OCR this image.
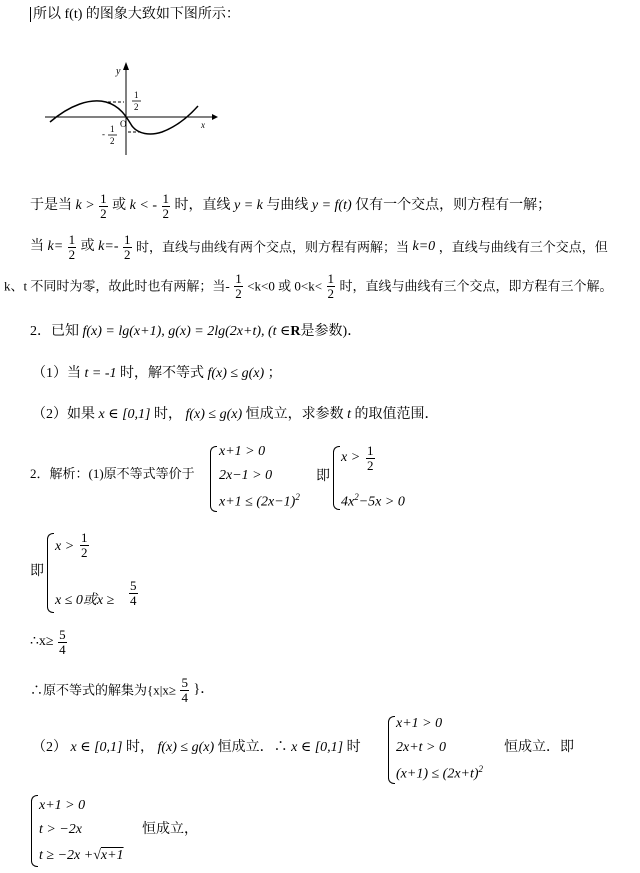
所以 f(t) 的图象大致如下图所示：
y
x
O
1
2
- 1
2
于是当 $k > \frac{1}{2}$ 或 k < - $\frac{1}{2}$ 时，直线 y = k 与曲线 y = f(t) 仅有一个交点，则方程有一解；
当 $k= \frac{1}{2}$ 或 $k=- \frac{1}{2}$ 时，直线与曲线有两个交点，则方程有两解；当 k=0 ，直线与曲线有三个交点，但
k、t 不同时为零，故此时也有两解；当- $\frac{1}{2} <k<0$ 或 $0<k< \frac{1}{2}$ 时，直线与曲线有三个交点，即方程有三个解。
2．已知 f(x) = lg(x+1), g(x) = 2lg(2x+t), (t ∈R是参数)．
（1）当 t = -1 时，解不等式 f(x) ≤ g(x) ；
（2）如果 x ∈ [0,1] 时， f(x) ≤ g(x) 恒成立，求参数 t 的取值范围．
2．解析：(1)原不等式等价于
x+1 > 0
2x−1 > 0
$x+1 \le (2x-1)^2$
即
$x > \frac{1}{2}$
$4x^2-5x > 0$
即
$x > \frac{1}{2}$
x ≤ 0或$x \ge \frac{5}{4}$
∴x≥ $\frac{5}{4}$
∴原不等式的解集为{$x|x\ge \frac{5}{4}$ }．
（2） x ∈ [0,1] 时， f(x) ≤ g(x) 恒成立．∴ x ∈ [0,1] 时
x+1 > 0
2x+t > 0
$(x+1) \le (2x+t)^2$
恒成立．即
x+1 > 0
t > −2x
t ≥ −2x +√x+1
恒成立，
